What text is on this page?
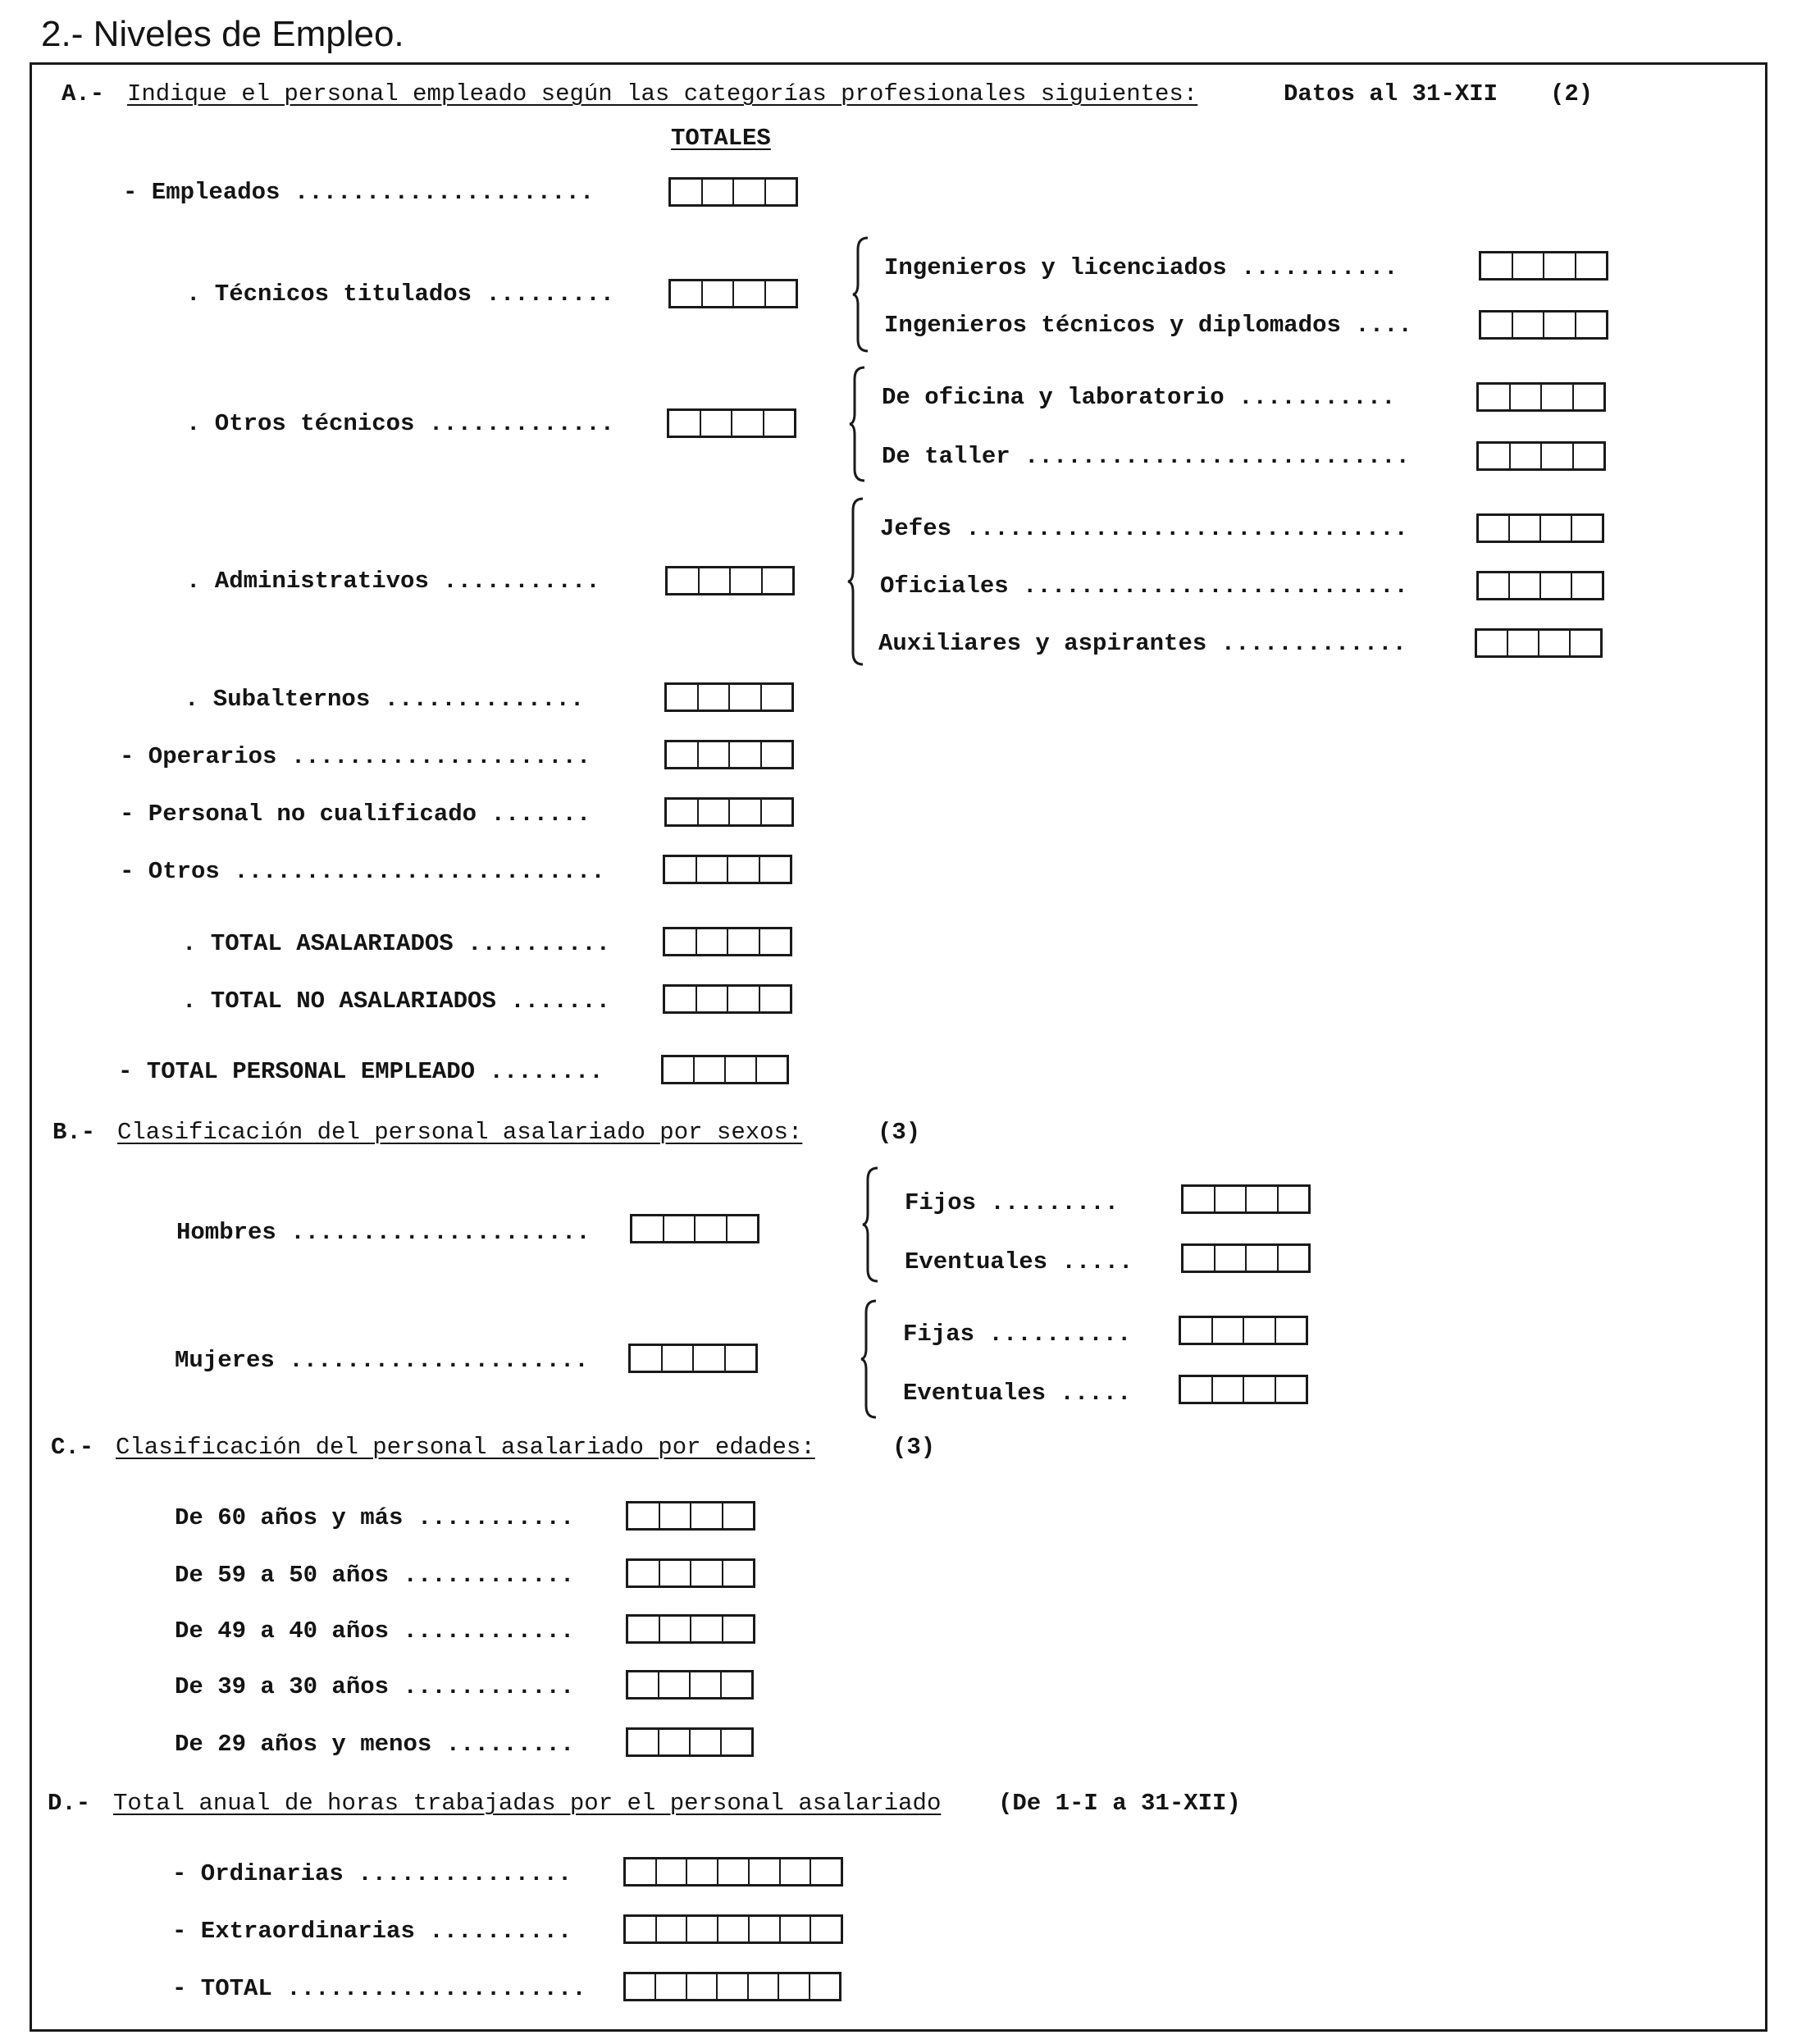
2.- Niveles de Empleo.
A.- Indique el personal empleado según las categorías profesionales siguientes:	Datos al 31-XII (2)
TOTALES
- Empleados .....................
. Técnicos titulados .........
Ingenieros y licenciados ...........
Ingenieros técnicos y diplomados ....
. Otros técnicos .............
De oficina y laboratorio ...........
De taller ...........................
. Administrativos ...........
Jefes ...............................
Oficiales ...........................
Auxiliares y aspirantes .............
. Subalternos ..............
- Operarios .....................
- Personal no cualificado .......
- Otros ..........................
. TOTAL ASALARIADOS ..........
. TOTAL NO ASALARIADOS .......
- TOTAL PERSONAL EMPLEADO ........
B.- Clasificación del personal asalariado por sexos:	(3)
Hombres .....................
Fijos .........
Eventuales .....
Mujeres .....................
Fijas ..........
Eventuales .....
C.- Clasificación del personal asalariado por edades:	(3)
De 60 años y más ...........
De 59 a 50 años ............
De 49 a 40 años ............
De 39 a 30 años ............
De 29 años y menos .........
D.- Total anual de horas trabajadas por el personal asalariado (De 1-I a 31-XII)
- Ordinarias ...............
- Extraordinarias ..........
- TOTAL .....................
